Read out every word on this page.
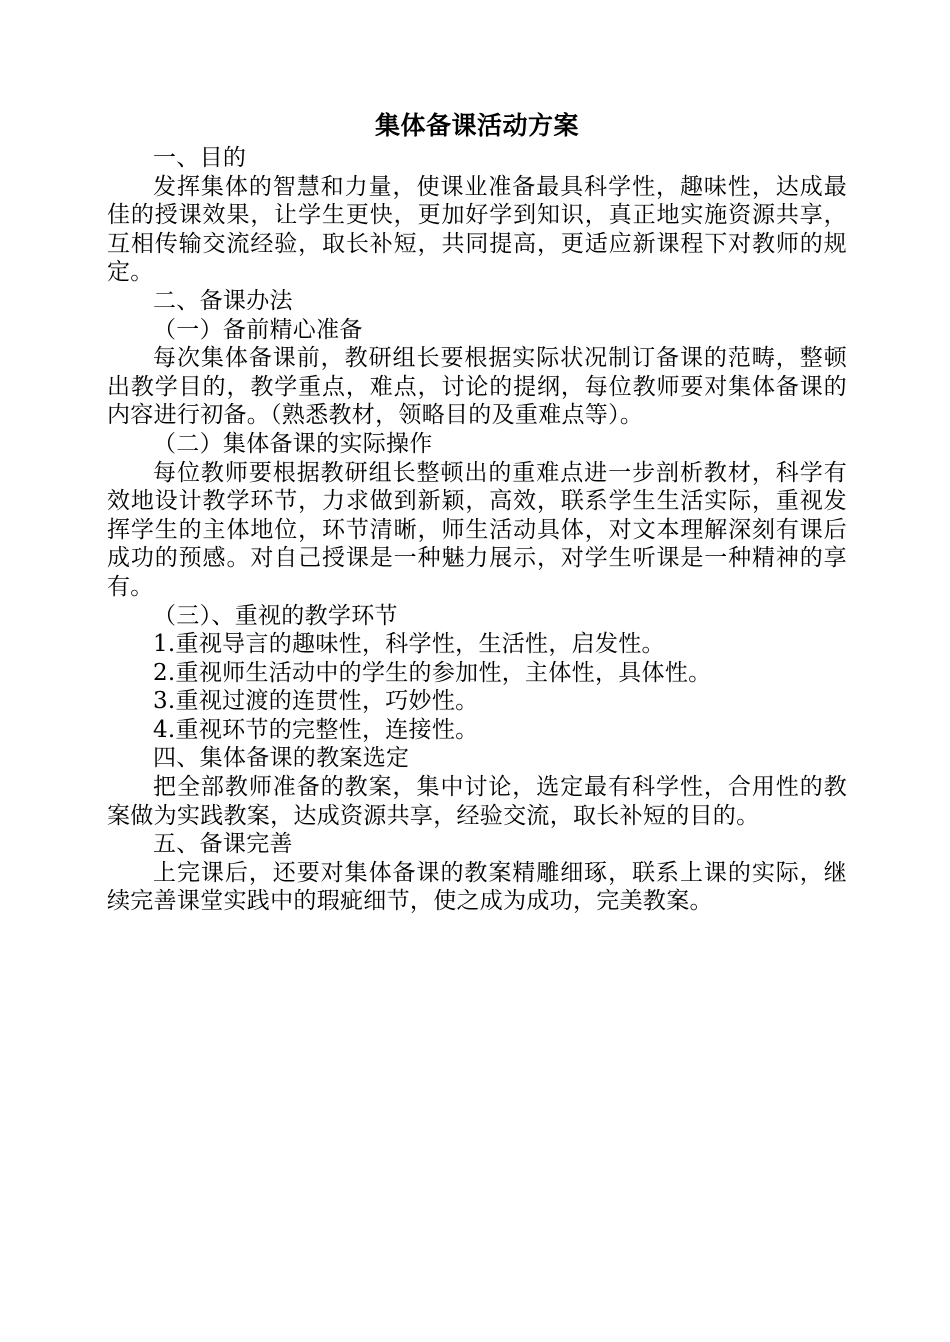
集体备课活动方案

一、目的

发挥集体的智慧和力量，使课业准备最具科学性，趣味性，达成最佳的授课效果，让学生更快，更加好学到知识，真正地实施资源共享，互相传输交流经验，取长补短，共同提高，更适应新课程下对教师的规定。

二、备课办法

（一）备前精心准备

每次集体备课前，教研组长要根据实际状况制订备课的范畴，整顿出教学目的，教学重点，难点，讨论的提纲，每位教师要对集体备课的内容进行初备。（熟悉教材，领略目的及重难点等）。

（二）集体备课的实际操作

每位教师要根据教研组长整顿出的重难点进一步剖析教材，科学有效地设计教学环节，力求做到新颖，高效，联系学生生活实际，重视发挥学生的主体地位，环节清晰，师生活动具体，对文本理解深刻有课后成功的预感。对自己授课是一种魅力展示，对学生听课是一种精神的享有。

（三）、重视的教学环节

1.重视导言的趣味性，科学性，生活性，启发性。

2.重视师生活动中的学生的参加性，主体性，具体性。

3.重视过渡的连贯性，巧妙性。

4.重视环节的完整性，连接性。

四、集体备课的教案选定

把全部教师准备的教案，集中讨论，选定最有科学性，合用性的教案做为实践教案，达成资源共享，经验交流，取长补短的目的。

五、备课完善

上完课后，还要对集体备课的教案精雕细琢，联系上课的实际，继续完善课堂实践中的瑕疵细节，使之成为成功，完美教案。
